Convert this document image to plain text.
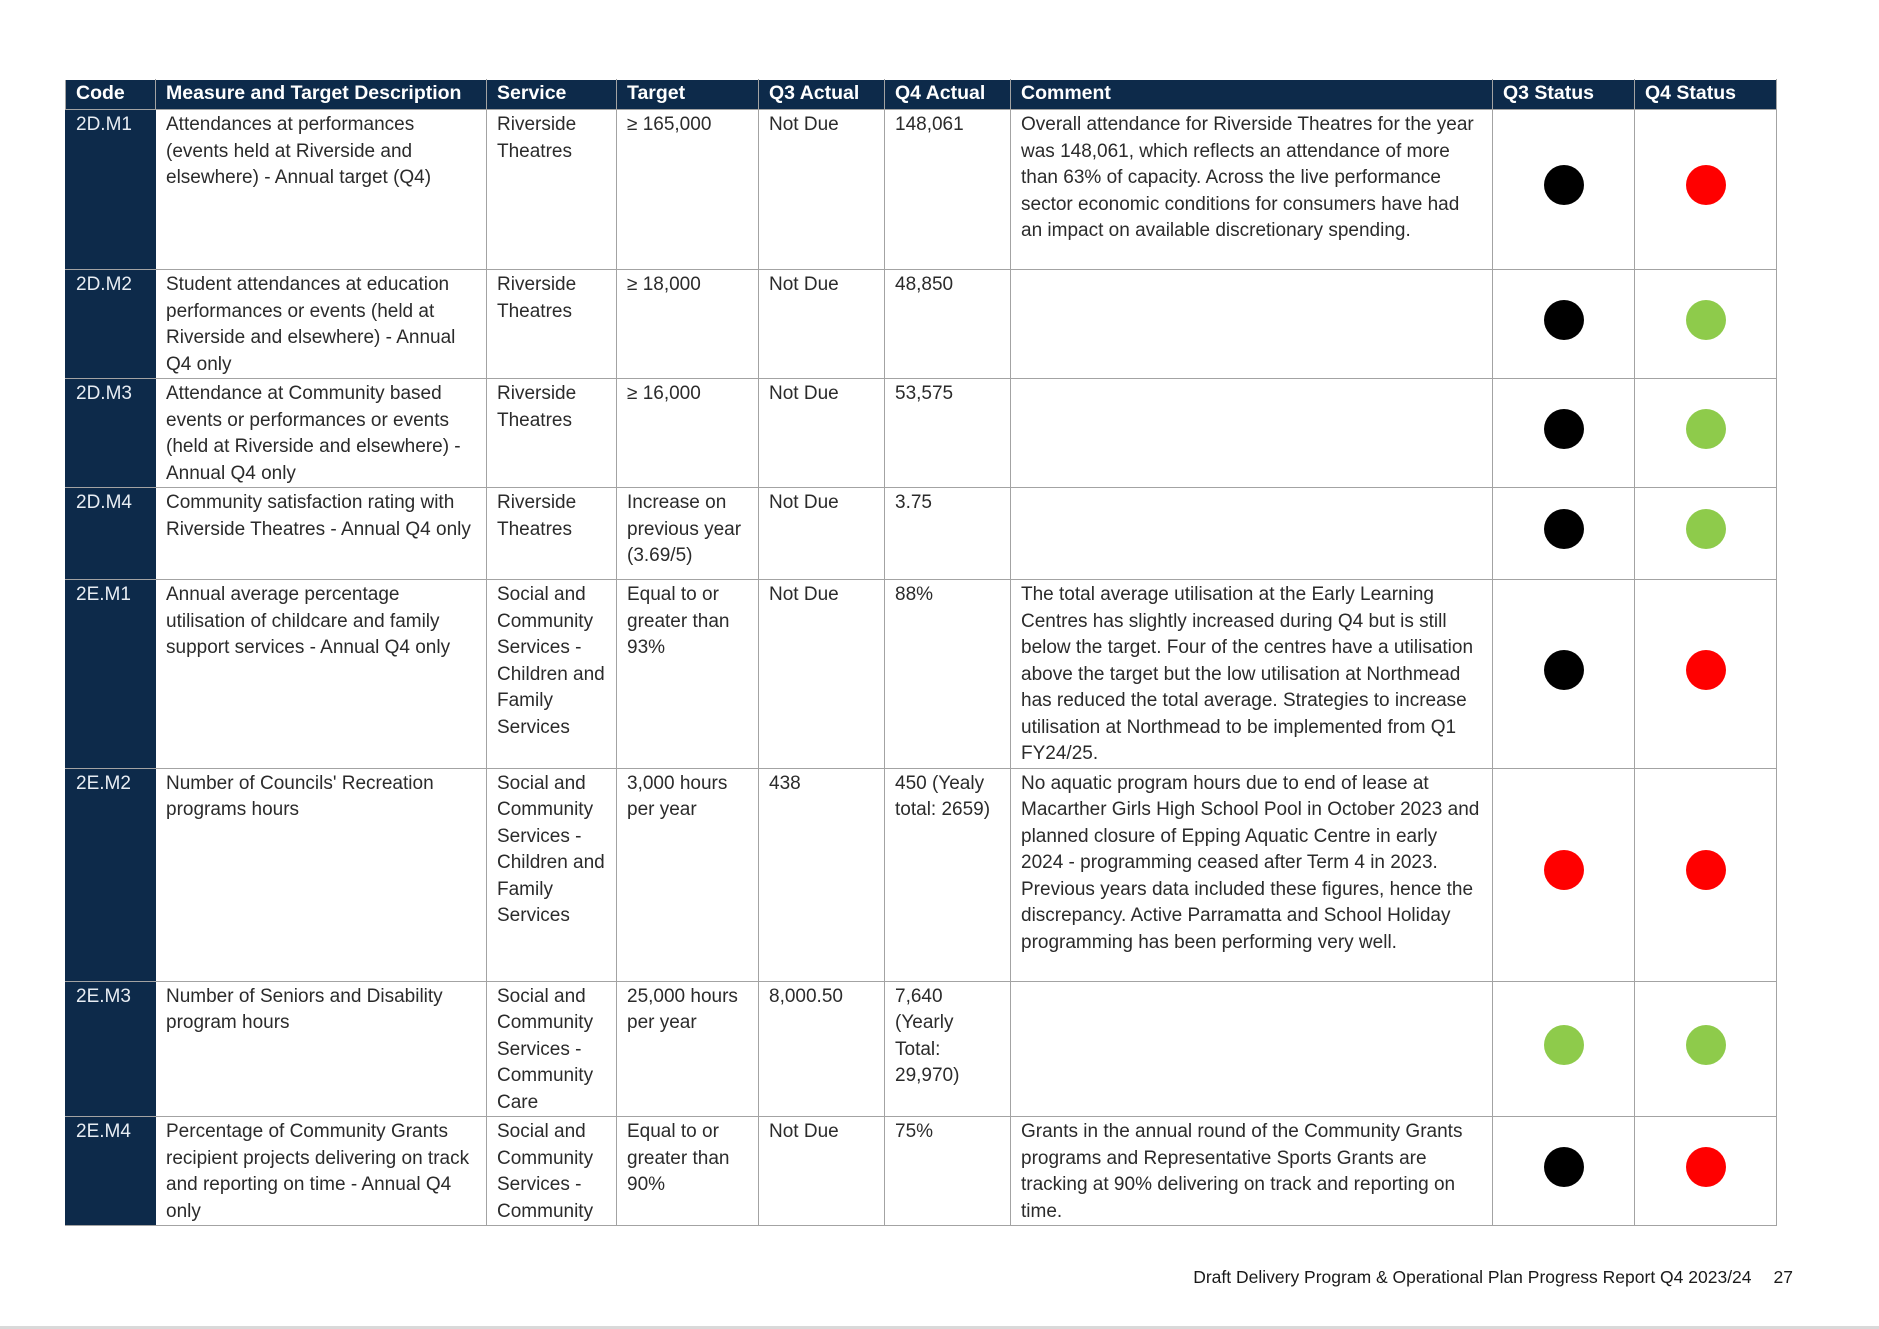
Code	Measure and Target Description	Service	Target	Q3 Actual	Q4 Actual	Comment	Q3 Status	Q4 Status
2D.M1	Attendances at performances (events held at Riverside and elsewhere) - Annual target (Q4)	Riverside Theatres	≥ 165,000	Not Due	148,061	Overall attendance for Riverside Theatres for the year was 148,061, which reflects an attendance of more than 63% of capacity. Across the live performance sector economic conditions for consumers have had an impact on available discretionary spending.		
2D.M2	Student attendances at education performances or events (held at Riverside and elsewhere) - Annual Q4 only	Riverside Theatres	≥ 18,000	Not Due	48,850			
2D.M3	Attendance at Community based events or performances or events (held at Riverside and elsewhere) - Annual Q4 only	Riverside Theatres	≥ 16,000	Not Due	53,575			
2D.M4	Community satisfaction rating with Riverside Theatres - Annual Q4 only	Riverside Theatres	Increase on previous year (3.69/5)	Not Due	3.75			
2E.M1	Annual average percentage utilisation of childcare and family support services - Annual Q4 only	Social and Community Services - Children and Family Services	Equal to or greater than 93%	Not Due	88%	The total average utilisation at the Early Learning Centres has slightly increased during Q4 but is still below the target. Four of the centres have a utilisation above the target but the low utilisation at Northmead has reduced the total average. Strategies to increase utilisation at Northmead to be implemented from Q1 FY24/25.		
2E.M2	Number of Councils' Recreation programs hours	Social and Community Services - Children and Family Services	3,000 hours per year	438	450 (Yealy total: 2659)	No aquatic program hours due to end of lease at Macarther Girls High School Pool in October 2023 and planned closure of Epping Aquatic Centre in early 2024 - programming ceased after Term 4 in 2023. Previous years data included these figures, hence the discrepancy. Active Parramatta and School Holiday programming has been performing very well.		
2E.M3	Number of Seniors and Disability program hours	Social and Community Services - Community Care	25,000 hours per year	8,000.50	7,640 (Yearly Total: 29,970)			
2E.M4	Percentage of Community Grants recipient projects delivering on track and reporting on time - Annual Q4 only	Social and Community Services - Community	Equal to or greater than 90%	Not Due	75%	Grants in the annual round of the Community Grants programs and Representative Sports Grants are tracking at 90% delivering on track and reporting on time.		
Draft Delivery Program & Operational Plan Progress Report Q4 2023/24 27
